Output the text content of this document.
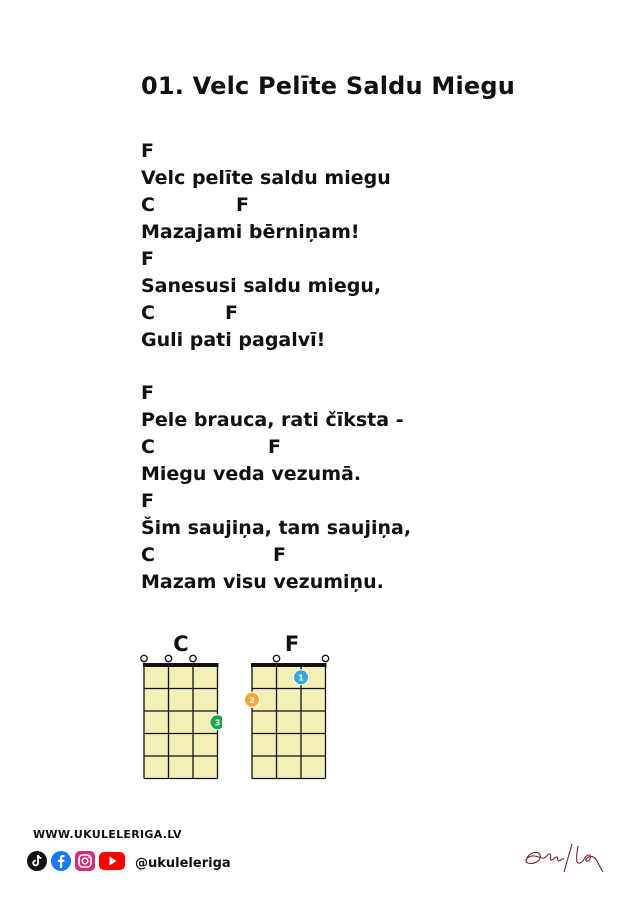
01. Velc Pelīte Saldu Miegu
F
Velc pelīte saldu miegu
C	F
Mazajami bērniņam!
F
Sanesusi saldu miegu,
C	F
Guli pati pagalvī!
F
Pele brauca, rati čīksta -
C	F
Miegu veda vezumā.
F
Šim saujiņa, tam saujiņa,
C	F
Mazam visu vezumiņu.
C
3
F
1
2
WWW.UKULELERIGA.LV
@ukuleleriga
